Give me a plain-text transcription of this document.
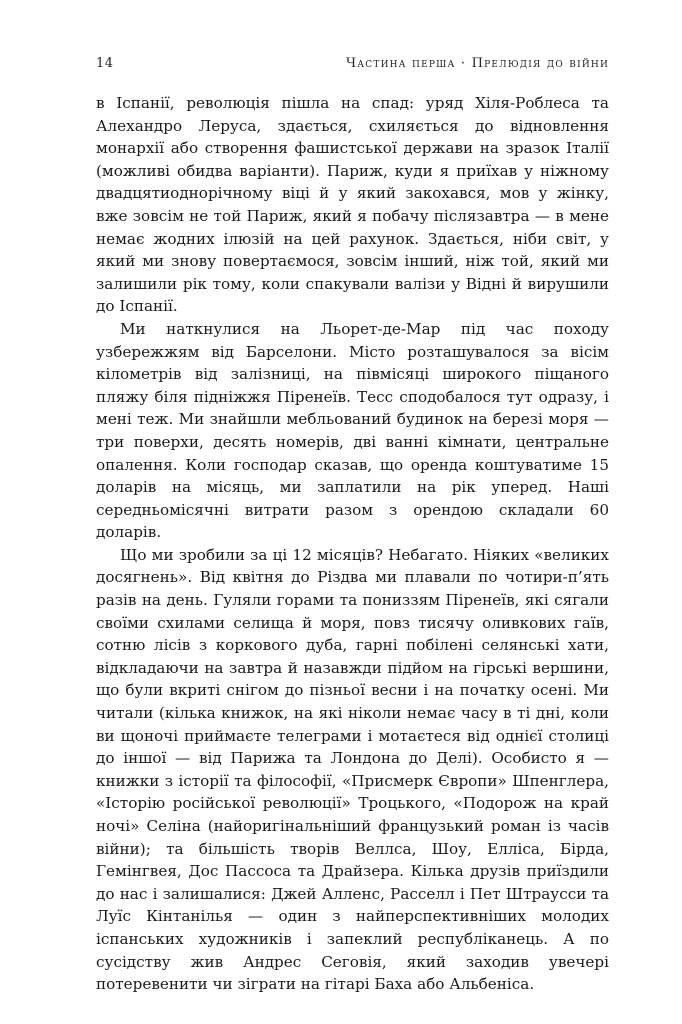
14	Частина перша · Прелюдія до війни

в Іспанії, революція пішла на спад: уряд Хіля-Роблеса та Алехандро Леруса, здається, схиляється до відновлення монархії або створення фашистської держави на зразок Італії (можливі обидва варіанти). Париж, куди я приїхав у ніжному двадцятиоднорічному віці й у який закохався, мов у жінку, вже зовсім не той Париж, який я побачу післязавтра — в мене немає жодних ілюзій на цей рахунок. Здається, ніби світ, у який ми знову повертаємося, зовсім інший, ніж той, який ми залишили рік тому, коли спакували валізи у Відні й вирушили до Іспанії.

Ми наткнулися на Льорет-де-Мар під час походу узбережжям від Барселони. Місто розташувалося за вісім кілометрів від залізниці, на півмісяці широкого піщаного пляжу біля підніжжя Піренеїв. Тесс сподобалося тут одразу, і мені теж. Ми знайшли мебльований будинок на березі моря — три поверхи, десять номерів, дві ванні кімнати, центральне опалення. Коли господар сказав, що оренда коштуватиме 15 доларів на місяць, ми заплатили на рік уперед. Наші середньомісячні витрати разом з орендою складали 60 доларів.

Що ми зробили за ці 12 місяців? Небагато. Ніяких «великих досягнень». Від квітня до Різдва ми плавали по чотири-п’ять разів на день. Гуляли горами та пониззям Піренеїв, які сягали своїми схилами селища й моря, повз тисячу оливкових гаїв, сотню лісів з коркового дуба, гарні побілені селянські хати, відкладаючи на завтра й назавжди підйом на гірські вершини, що були вкриті снігом до пізньої весни і на початку осені. Ми читали (кілька книжок, на які ніколи немає часу в ті дні, коли ви щоночі приймаєте телеграми і мотаєтеся від однієї столиці до іншої — від Парижа та Лондона до Делі). Особисто я — книжки з історії та філософії, «Присмерк Європи» Шпенглера, «Історію російської революції» Троцького, «Подорож на край ночі» Селіна (найоригінальніший французький роман із часів війни); та більшість творів Веллса, Шоу, Елліса, Бірда, Гемінгвея, Дос Пассоса та Драйзера. Кілька друзів приїздили до нас і залишалися: Джей Алленс, Расселл і Пет Штраусси та Луїс Кінтанілья — один з найперспективніших молодих іспанських художників і запеклий республіканець. А по сусідству жив Андрес Сеговія, який заходив увечері потеревенити чи зіграти на гітарі Баха або Альбеніса.
